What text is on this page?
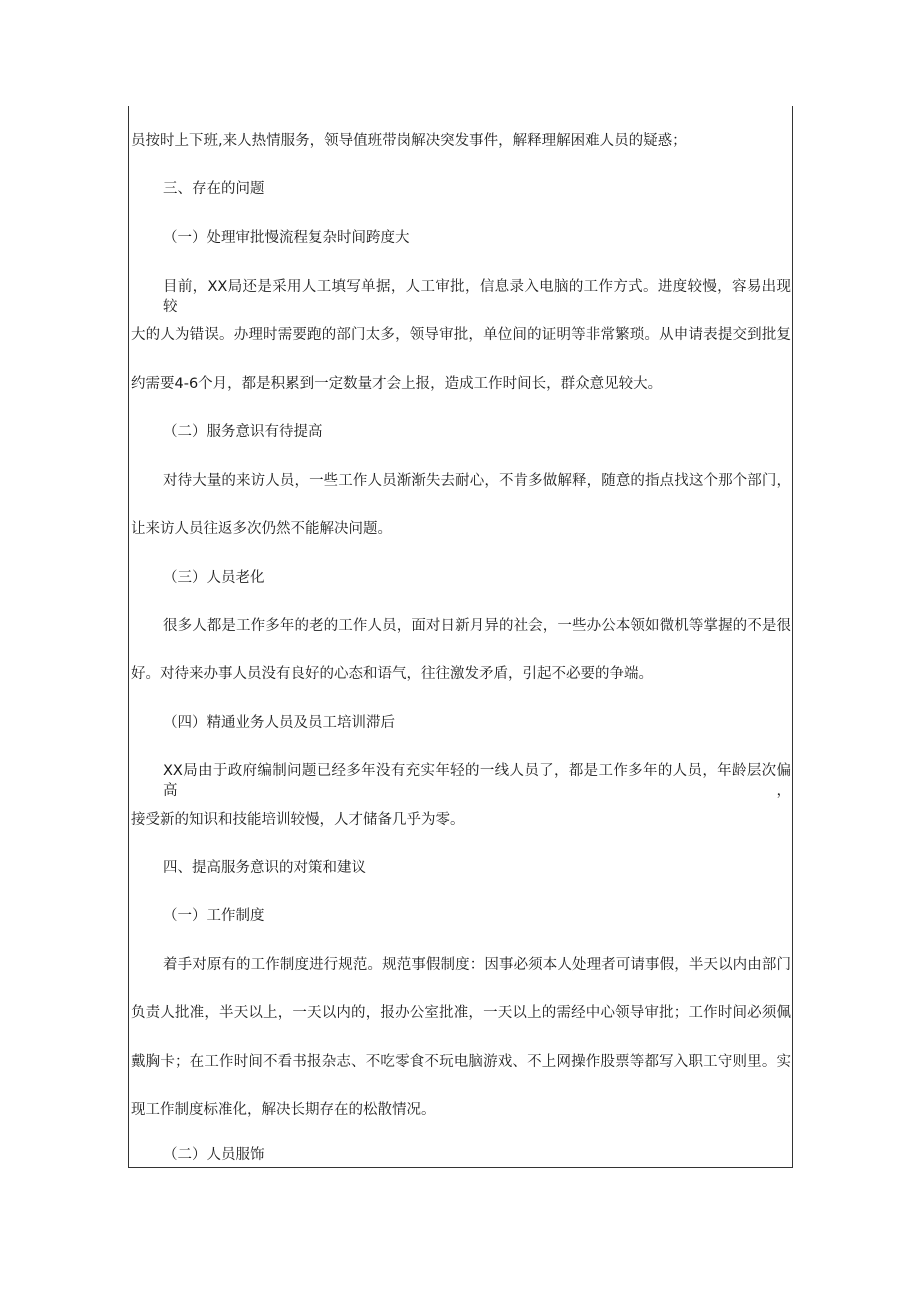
员按时上下班,来人热情服务，领导值班带岗解决突发事件，解释理解困难人员的疑惑；
三、存在的问题
（一）处理审批慢流程复杂时间跨度大
目前，XX局还是采用人工填写单据，人工审批，信息录入电脑的工作方式。进度较慢，容易出现较
大的人为错误。办理时需要跑的部门太多，领导审批，单位间的证明等非常繁琐。从申请表提交到批复
约需要4-6个月，都是积累到一定数量才会上报，造成工作时间长，群众意见较大。
（二）服务意识有待提高
对待大量的来访人员，一些工作人员渐渐失去耐心，不肯多做解释，随意的指点找这个那个部门，
让来访人员往返多次仍然不能解决问题。
（三）人员老化
很多人都是工作多年的老的工作人员，面对日新月异的社会，一些办公本领如微机等掌握的不是很
好。对待来办事人员没有良好的心态和语气，往往激发矛盾，引起不必要的争端。
（四）精通业务人员及员工培训滞后
XX局由于政府编制问题已经多年没有充实年轻的一线人员了，都是工作多年的人员，年龄层次偏高，
接受新的知识和技能培训较慢，人才储备几乎为零。
四、提高服务意识的对策和建议
（一）工作制度
着手对原有的工作制度进行规范。规范事假制度：因事必须本人处理者可请事假，半天以内由部门
负责人批准，半天以上，一天以内的，报办公室批准，一天以上的需经中心领导审批；工作时间必须佩
戴胸卡；在工作时间不看书报杂志、不吃零食不玩电脑游戏、不上网操作股票等都写入职工守则里。实
现工作制度标准化，解决长期存在的松散情况。
（二）人员服饰
